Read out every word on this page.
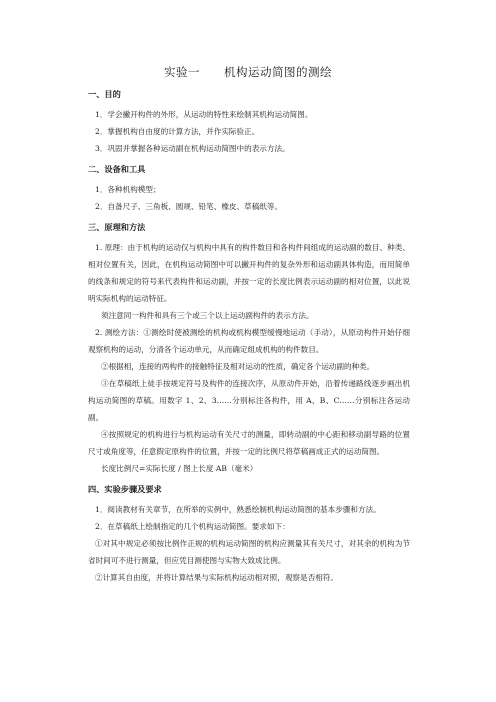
实验一　　机构运动简图的测绘
一、目的

1．学会撇开构件的外形，从运动的特性来绘制其机构运动简图。

2．掌握机构自由度的计算方法，并作实际验正。

3．巩固并掌握各种运动副在机构运动简图中的表示方法。

二、设备和工具

1．各种机构模型；

2．自备尺子、三角板、圆规、铅笔、橡皮、草稿纸等。

三、原理和方法

1. 原理：由于机构的运动仅与机构中具有的构件数目和各构件间组成的运动副的数目、种类、相对位置有关，因此，在机构运动简图中可以撇开构件的复杂外形和运动副具体构造，而用简单的线条和规定的符号来代表构件和运动副，并按一定的长度比例表示运动副的相对位置，以此说明实际机构的运动特征。

须注意同一构件和具有三个或三个以上运动副构件的表示方法。

2. 测绘方法：①测绘时使被测绘的机构或机构模型缓慢地运动（手动），从原动构件开始仔细观察机构的运动，分清各个运动单元，从而确定组成机构的构件数目。

②根据相，连接的两构件的接触特征及相对运动的性质，确定各个运动副的种类。

③在草稿纸上徒手按规定符号及构件的连接次序，从原动件开始，沿着传递路线逐步画出机构运动简图的草稿。用数字 1、2、3……分别标注各构件，用 A、B、C……分别标注各运动副。

④按照规定的机构进行与机构运动有关尺寸的测量，即转动副的中心距和移动副导路的位置尺寸或角度等，任意假定原构件的位置，并按一定的比例尺将草稿画成正式的运动简图。

长度比例尺=实际长度 / 图上长度 AB（毫米）

四、实验步骤及要求

1．阅读教材有关章节，在所举的实例中，熟悉绘制机构运动简图的基本步骤和方法。

2．在草稿纸上绘制指定的几个机构运动简图。要求如下：

①对其中规定必须按比例作正规的机构运动简图的机构应测量其有关尺寸，对其余的机构为节省时间可不进行测量，但应凭目测使图与实物大致成比例。

②计算其自由度，并将计算结果与实际机构运动相对照，观察是否相符。
